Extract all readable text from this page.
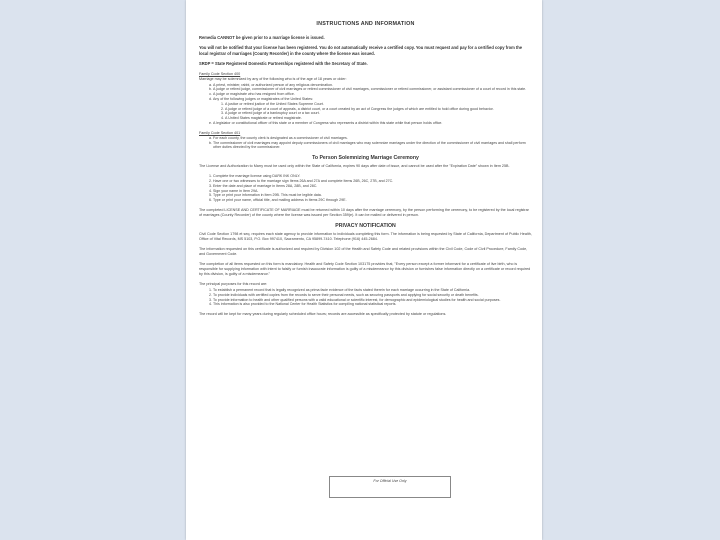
INSTRUCTIONS AND INFORMATION

Remedia CANNOT be given prior to a marriage license is issued.

You will not be notified that your license has been registered. You do not automatically receive a certified copy. You must request and pay for a certified copy from the local registrar of marriages (County Recorder) in the county where the license was issued.

SRDP = State Registered Domestic Partnerships registered with the Secretary of State.

Family Code Section 400
Marriage may be solemnized by any of the following who is of the age of 18 years or older:
a. A priest, minister, rabbi, or authorized person of any religious denomination.
b. A judge or retired judge, commissioner of civil marriages or retired commissioner of civil marriages, commissioner or retired commissioner, or assistant commissioner of a court of record in this state.
c. A judge or magistrate who has resigned from office.
d. Any of the following judges or magistrates of the United States:
1. A justice or retired justice of the United States Supreme Court.
2. A judge or retired judge of a court of appeals, a district court, or a court created by an act of Congress the judges of which are entitled to hold office during good behavior.
3. A judge or retired judge of a bankruptcy court or a tax court.
4. A United States magistrate or retired magistrate.
e. A legislator or constitutional officer of this state or a member of Congress who represents a district within this state while that person holds office.
Family Code Section 401
a. For each county, the county clerk is designated as a commissioner of civil marriages.
b. The commissioner of civil marriages may appoint deputy commissioners of civil marriages who may solemnize marriages under the direction of the commissioner of civil marriages and shall perform other duties directed by the commissioner.
To Person Solemnizing Marriage Ceremony

The License and Authorization to Marry must be used only within the State of California, expires 90 days after date of issue, and cannot be used after the "Expiration Date" shown in Item 25B.

1. Complete the marriage license using DARK INK ONLY.
2. Have one or two witnesses to the marriage sign Items 26A and 27A and complete Items 26B, 26C, 27B, and 27C.
3. Enter the date and place of marriage in Items 28A, 28B, and 28C.
4. Sign your name in Item 29A.
5. Type or print your information in Item 29B. This must be legible data.
6. Type or print your name, official title, and mailing address in Items 29C through 29E.

The completed LICENSE AND CERTIFICATE OF MARRIAGE must be returned within 10 days after the marriage ceremony, by the person performing the ceremony, to be registered by the local registrar of marriages (County Recorder) of the county where the license was issued per Section 359(e). It can be mailed or delivered in person.

PRIVACY NOTIFICATION

Civil Code Section 1798 et seq. requires each state agency to provide information to individuals completing this form. The information is being requested by State of California, Department of Public Health, Office of Vital Records, MS 5103, P.O. Box 997410, Sacramento, CA 95899-7410. Telephone (916) 445-2684.

The information requested on this certificate is authorized and required by Division 102 of the Health and Safety Code and related provisions within the Civil Code, Code of Civil Procedure, Family Code, and Government Code.

The completion of all items requested on this form is mandatory. Health and Safety Code Section 103175 provides that, "Every person except a former informant for a certificate of live birth, who is responsible for supplying information with intent to falsify or furnish inaccurate information is guilty of a misdemeanor by this division or furnishes false information directly on a certificate or record required by this division, is guilty of a misdemeanor."

The principal purposes for this record are:
1. To establish a permanent record that is legally recognized as prima facie evidence of the facts stated therein for each marriage occurring in the State of California.
2. To provide individuals with certified copies from the records to serve their personal needs, such as securing passports and applying for social security or death benefits.
3. To provide information to health and other qualified persons with a valid educational or scientific interest, for demographic and epidemiological studies for health and social purposes.
4. This information is also provided to the National Center for Health Statistics for compiling national statistical reports.

The record will be kept for many years during regularly scheduled office hours; records are accessible as specifically protected by statute or regulations.

For Official Use Only
